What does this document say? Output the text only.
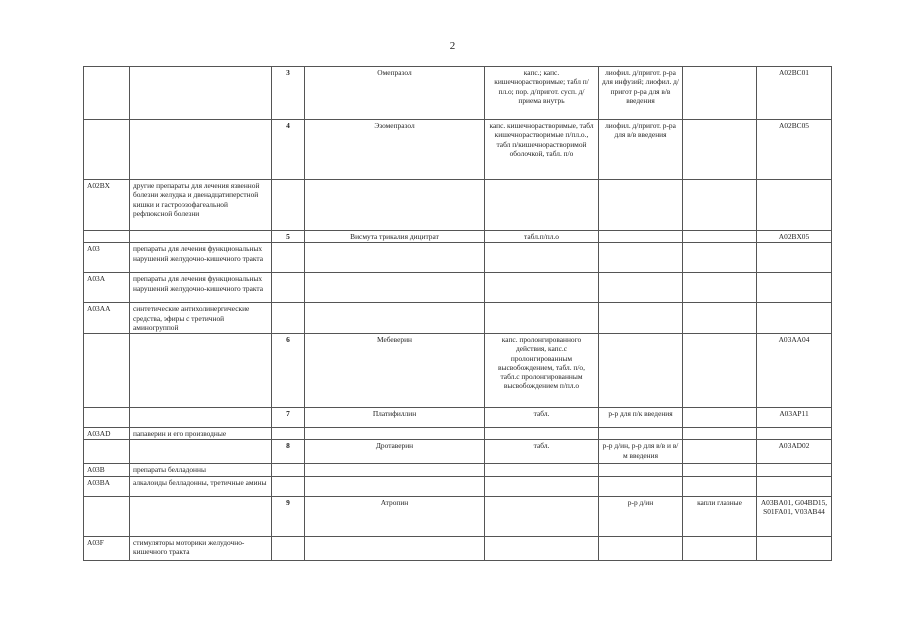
2
		3	Омепразол	капс.; капс. кишечнорастворимые; табл п/пл.о; пор. д/пригот. сусп. д/приема внутрь	лиофил. д/пригот. р-ра для инфузий; лиофил. д/пригот р-ра для в/в введения		A02BC01
		4	Эзомепразол	капс. кишечнорастворимые, табл кишечнорастворимые п/пл.о., табл п/кишечнорастворимой оболочкой, табл. п/о	лиофил. д/пригот. р-ра для в/в введения		A02BC05
A02BX	другие препараты для лечения язвенной болезни желудка и двенадцатиперстной кишки и гастроэзофагеальной рефлюксной болезни						
		5	Висмута трикалия дицитрат	табл.п/пл.о			A02BX05
A03	препараты для лечения функциональных нарушений желудочно-кишечного тракта						
A03A	препараты для лечения функциональных нарушений желудочно-кишечного тракта						
A03AA	синтетические антихолинергические средства, эфиры с третичной аминогруппой						
		6	Мебеверин	капс. пролонгированного действия, капс.с пролонгированным высвобождением, табл. п/о, табл.с пролонгированным высвобождением п/пл.о			A03AA04
		7	Платифиллин	табл.	р-р для п/к введения		A03AP11
A03AD	папаверин и его производные						
		8	Дротаверин	табл.	р-р д/ин, р-р для в/в и в/м введения		A03AD02
A03B	препараты белладонны						
A03BA	алкалоиды белладонны, третичные амины						
		9	Атропин		р-р д/ин	капли глазные	A03BA01, G04BD15, S01FA01, V03AB44
A03F	стимуляторы моторики желудочно-кишечного тракта						
